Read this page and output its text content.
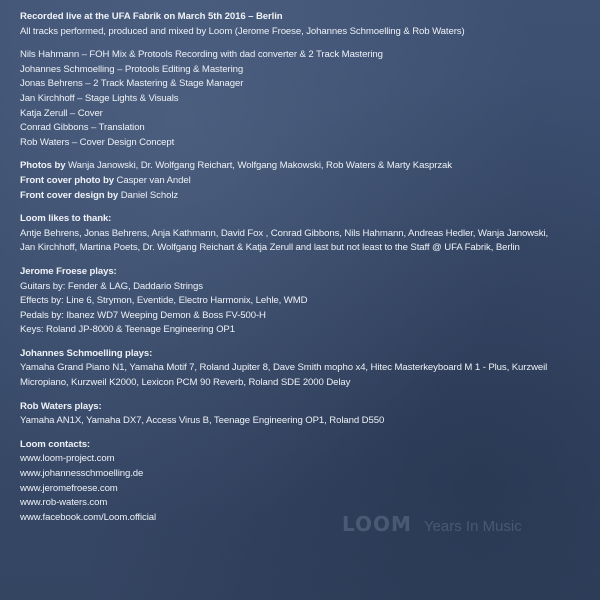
Recorded live at the UFA Fabrik on March 5th 2016 – Berlin
All tracks performed, produced and mixed by Loom (Jerome Froese, Johannes Schmoelling & Rob Waters)
Nils Hahmann – FOH Mix & Protools Recording with dad converter & 2 Track Mastering
Johannes Schmoelling – Protools Editing & Mastering
Jonas Behrens – 2 Track Mastering & Stage Manager
Jan Kirchhoff – Stage Lights & Visuals
Katja Zerull – Cover
Conrad Gibbons – Translation
Rob Waters – Cover Design Concept
Photos by Wanja Janowski, Dr. Wolfgang Reichart, Wolfgang Makowski, Rob Waters & Marty Kasprzak
Front cover photo by Casper van Andel
Front cover design by Daniel Scholz
Loom likes to thank:
Antje Behrens, Jonas Behrens, Anja Kathmann, David Fox , Conrad Gibbons, Nils Hahmann, Andreas Hedler, Wanja Janowski,
Jan Kirchhoff, Martina Poets, Dr. Wolfgang Reichart & Katja Zerull and last but not least to the Staff @ UFA Fabrik, Berlin
Jerome Froese plays:
Guitars by: Fender & LAG, Daddario Strings
Effects by: Line 6, Strymon, Eventide, Electro Harmonix, Lehle, WMD
Pedals by: Ibanez WD7 Weeping Demon & Boss FV-500-H
Keys: Roland JP-8000 & Teenage Engineering OP1
Johannes Schmoelling plays:
Yamaha Grand Piano N1, Yamaha Motif 7, Roland Jupiter 8, Dave Smith mopho x4, Hitec Masterkeyboard M 1 - Plus, Kurzweil
Micropiano, Kurzweil K2000, Lexicon PCM 90 Reverb, Roland SDE 2000 Delay
Rob Waters plays:
Yamaha AN1X, Yamaha DX7, Access Virus B, Teenage Engineering OP1, Roland D550
Loom contacts:
www.loom-project.com
www.johannesschmoelling.de
www.jeromefroese.com
www.rob-waters.com
www.facebook.com/Loom.official	LOOM Years In Music
